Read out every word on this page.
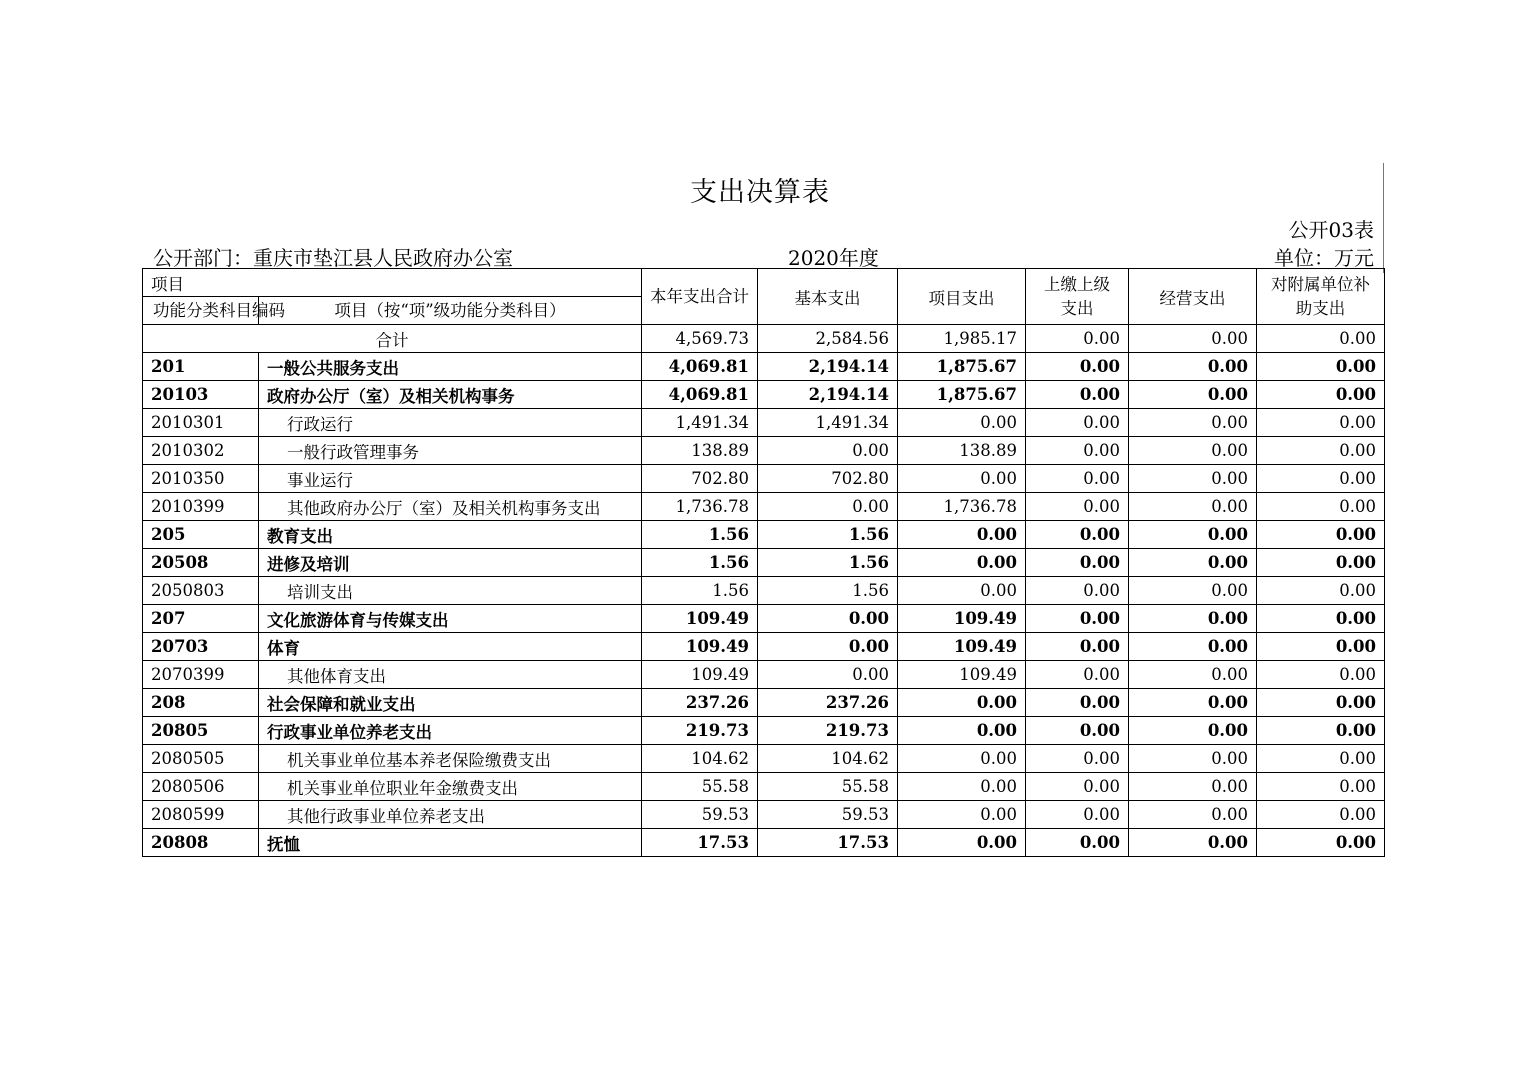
支出决算表
公开03表
公开部门：重庆市垫江县人民政府办公室	2020年度	单位：万元
项目		本年支出合计	基本支出	项目支出	上缴上级支出	经营支出	对附属单位补助支出
功能分类科目编码	项目（按“项”级功能分类科目）						
合计		4,569.73	2,584.56	1,985.17	0.00	0.00	0.00
201	一般公共服务支出	4,069.81	2,194.14	1,875.67	0.00	0.00	0.00
20103	政府办公厅（室）及相关机构事务	4,069.81	2,194.14	1,875.67	0.00	0.00	0.00
2010301	行政运行	1,491.34	1,491.34	0.00	0.00	0.00	0.00
2010302	一般行政管理事务	138.89	0.00	138.89	0.00	0.00	0.00
2010350	事业运行	702.80	702.80	0.00	0.00	0.00	0.00
2010399	其他政府办公厅（室）及相关机构事务支出	1,736.78	0.00	1,736.78	0.00	0.00	0.00
205	教育支出	1.56	1.56	0.00	0.00	0.00	0.00
20508	进修及培训	1.56	1.56	0.00	0.00	0.00	0.00
2050803	培训支出	1.56	1.56	0.00	0.00	0.00	0.00
207	文化旅游体育与传媒支出	109.49	0.00	109.49	0.00	0.00	0.00
20703	体育	109.49	0.00	109.49	0.00	0.00	0.00
2070399	其他体育支出	109.49	0.00	109.49	0.00	0.00	0.00
208	社会保障和就业支出	237.26	237.26	0.00	0.00	0.00	0.00
20805	行政事业单位养老支出	219.73	219.73	0.00	0.00	0.00	0.00
2080505	机关事业单位基本养老保险缴费支出	104.62	104.62	0.00	0.00	0.00	0.00
2080506	机关事业单位职业年金缴费支出	55.58	55.58	0.00	0.00	0.00	0.00
2080599	其他行政事业单位养老支出	59.53	59.53	0.00	0.00	0.00	0.00
20808	抚恤	17.53	17.53	0.00	0.00	0.00	0.00
